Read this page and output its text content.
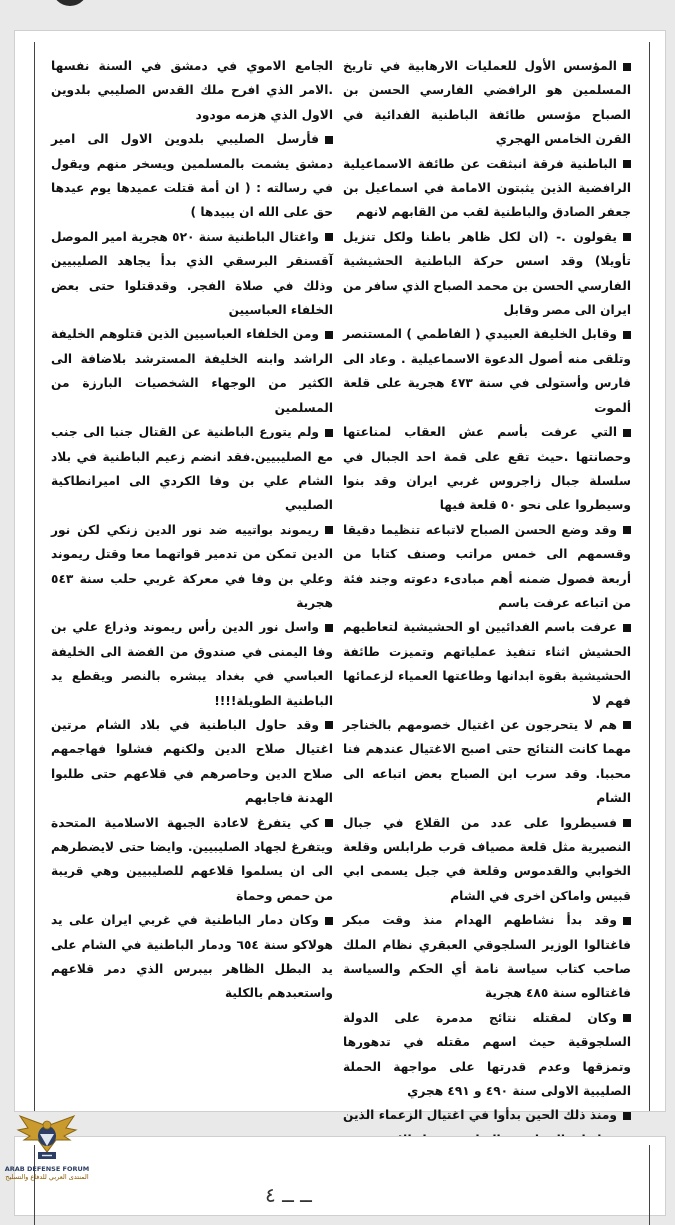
المؤسس الأول للعمليات الارهابية في تاريخ المسلمين هو الرافضي الفارسي الحسن بن الصباح مؤسس طائفة الباطنية الفدائية في القرن الخامس الهجري

الباطنية فرقة انبثقت عن طائفة الاسماعيلية الرافضية الذين يثبتون الامامة في اسماعيل بن جعفر الصادق والباطنية لقب من القابهم لانهم

يقولون .- (ان لكل ظاهر باطنا ولكل تنزيل تأويلا) وقد اسس حركة الباطنية الحشيشية الفارسي الحسن بن محمد الصباح الذي سافر من ايران الى مصر وقابل

وقابل الخليفة العبيدي ( الفاطمي ) المستنصر وتلقى منه أصول الدعوة الاسماعيلية . وعاد الى فارس وأستولى في سنة ٤٧٣ هجرية على قلعة ألموت

التي عرفت بأسم عش العقاب لمناعتها وحصانتها .حيث تقع على قمة احد الجبال في سلسلة جبال زاجروس غربي ايران وقد بنوا وسيطروا على نحو ٥٠ قلعة فيها

وقد وضع الحسن الصباح لاتباعه تنظيما دقيقا وقسمهم الى خمس مراتب وصنف كتابا من أربعة فصول ضمنه أهم مبادىء دعوته وجند فئة من اتباعه عرفت باسم

عرفت باسم الفدائيين او الحشيشية لتعاطيهم الحشيش اثناء تنفيذ عملياتهم وتميزت طائفة الحشيشية بقوة ابدانها وطاعتها العمياء لزعمائها فهم لا

هم لا يتحرجون عن اغتيال خصومهم بالخناجر مهما كانت النتائج حتى اصبح الاغتيال عندهم فنا محببا. وقد سرب ابن الصباح بعض اتباعه الى الشام

فسيطروا على عدد من القلاع في جبال النصيرية مثل قلعة مصياف قرب طرابلس وقلعة الخوابي والقدموس وقلعة في جبل يسمى ابي قبيس واماكن اخرى في الشام

وقد بدأ نشاطهم الهدام منذ وقت مبكر فاغتالوا الوزير السلجوقي العبقري نظام الملك صاحب كتاب سياسة نامة أي الحكم والسياسة فاغتالوه سنة ٤٨٥ هجرية

وكان لمقتله نتائج مدمرة على الدولة السلجوقية حيث اسهم مقتله في تدهورها وتمزقها وعدم قدرتها على مواجهة الحملة الصليبية الاولى سنة ٤٩٠ و ٤٩١ هجري

ومنذ ذلك الحين بدأوا في اغتيال الزعماء الذين

الجامع الاموي في دمشق في السنة نفسها .الامر الذي افرح ملك القدس الصليبي بلدوين الاول الذي هزمه مودود

فأرسل الصليبي بلدوين الاول الى امير دمشق يشمت بالمسلمين ويسخر منهم ويقول في رسالته : ( ان أمة قتلت عميدها يوم عيدها حق على الله ان يبيدها )

واغتال الباطنية سنة ٥٢٠ هجرية امير الموصل آقسنقر البرسقي الذي بدأ يجاهد الصليبيين وذلك في صلاة الفجر. وقدقتلوا حتى بعض الخلفاء العباسيين

ومن الخلفاء العباسيين الذين قتلوهم الخليفة الراشد وابنه الخليفة المسترشد بلاضافة الى الكثير من الوجهاء الشخصيات البارزة من المسلمين

ولم يتورع الباطنية عن القتال جنبا الى جنب مع الصليبيين.فقد انضم زعيم الباطنية في بلاد الشام علي بن وفا الكردي الى اميرانطاكية الصليبي

ريموند بواتييه ضد نور الدين زنكي لكن نور الدين تمكن من تدمير قواتهما معا وقتل ريموند وعلي بن وفا في معركة غربي حلب سنة ٥٤٣ هجرية

واسل نور الدين رأس ريموند وذراع علي بن وفا اليمنى في صندوق من الفضة الى الخليفة العباسي في بغداد يبشره بالنصر ويقطع يد الباطنية الطويلة!!!!

وقد حاول الباطنية في بلاد الشام مرتين اغتيال صلاح الدين ولكنهم فشلوا فهاجمهم صلاح الدين وحاصرهم في قلاعهم حتى طلبوا الهدنة فاجابهم

كي يتفرغ لاعادة الجبهة الاسلامية المتحدة ويتفرغ لجهاد الصليبيين. وايضا حتى لايضطرهم الى ان يسلموا قلاعهم للصليبيين وهي قريبة من حمص وحماة

وكان دمار الباطنية في غربي ايران على يد هولاكو سنة ٦٥٤ ودمار الباطنية في الشام على يد البطل الظاهر بيبرس الذي دمر قلاعهم واستعبدهم بالكلية

ــ ــ ٤
ARAB DEFENSE FORUM
المنتدى العربي للدفاع والتسليح
